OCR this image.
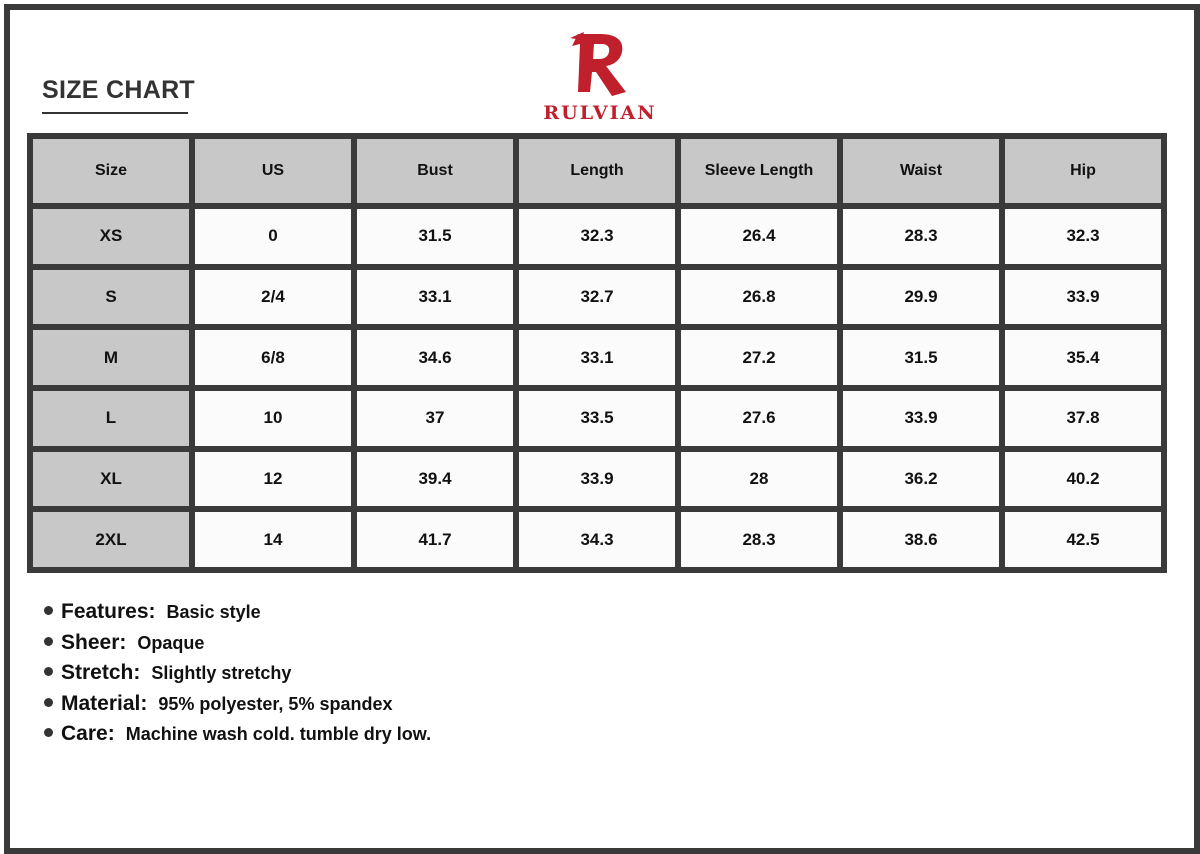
SIZE CHART
RULVIAN
Size	US	Bust	Length	Sleeve Length	Waist	Hip
XS	0	31.5	32.3	26.4	28.3	32.3
S	2/4	33.1	32.7	26.8	29.9	33.9
M	6/8	34.6	33.1	27.2	31.5	35.4
L	10	37	33.5	27.6	33.9	37.8
XL	12	39.4	33.9	28	36.2	40.2
2XL	14	41.7	34.3	28.3	38.6	42.5
Features: Basic style
Sheer: Opaque
Stretch: Slightly stretchy
Material: 95% polyester, 5% spandex
Care: Machine wash cold. tumble dry low.
